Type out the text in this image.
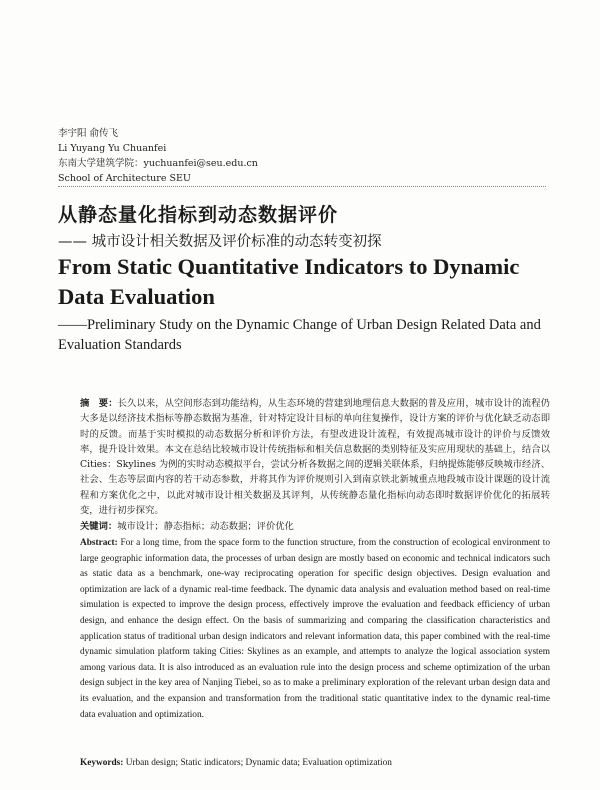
李宇阳 俞传飞
Li Yuyang Yu Chuanfei
东南大学建筑学院：yuchuanfei@seu.edu.cn
School of Architecture SEU
从静态量化指标到动态数据评价
—— 城市设计相关数据及评价标准的动态转变初探
From Static Quantitative Indicators to Dynamic Data Evaluation
——Preliminary Study on the Dynamic Change of Urban Design Related Data and Evaluation Standards
摘　要：长久以来，从空间形态到功能结构，从生态环境的营建到地理信息大数据的普及应用，城市设计的流程仍大多是以经济技术指标等静态数据为基准，针对特定设计目标的单向往复操作，设计方案的评价与优化缺乏动态即时的反馈。而基于实时模拟的动态数据分析和评价方法，有望改进设计流程，有效提高城市设计的评价与反馈效率，提升设计效果。本文在总结比较城市设计传统指标和相关信息数据的类别特征及实应用现状的基础上，结合以 Cities：Skylines 为例的实时动态模拟平台，尝试分析各数据之间的逻辑关联体系，归纳提炼能够反映城市经济、社会、生态等层面内容的若干动态参数，并将其作为评价规则引入到南京铁北新城重点地段城市设计课题的设计流程和方案优化之中，以此对城市设计相关数据及其评判，从传统静态量化指标向动态即时数据评价优化的拓展转变，进行初步探究。
关键词：城市设计；静态指标；动态数据；评价优化
Abstract: For a long time, from the space form to the function structure, from the construction of ecological environment to large geographic information data, the processes of urban design are mostly based on economic and technical indicators such as static data as a benchmark, one-way reciprocating operation for specific design objectives. Design evaluation and optimization are lack of a dynamic real-time feedback. The dynamic data analysis and evaluation method based on real-time simulation is expected to improve the design process, effectively improve the evaluation and feedback efficiency of urban design, and enhance the design effect. On the basis of summarizing and comparing the classification characteristics and application status of traditional urban design indicators and relevant information data, this paper combined with the real-time dynamic simulation platform taking Cities: Skylines as an example, and attempts to analyze the logical association system among various data. It is also introduced as an evaluation rule into the design process and scheme optimization of the urban design subject in the key area of Nanjing Tiebei, so as to make a preliminary exploration of the relevant urban design data and its evaluation, and the expansion and transformation from the traditional static quantitative index to the dynamic real-time data evaluation and optimization.
Keywords: Urban design; Static indicators; Dynamic data; Evaluation optimization
